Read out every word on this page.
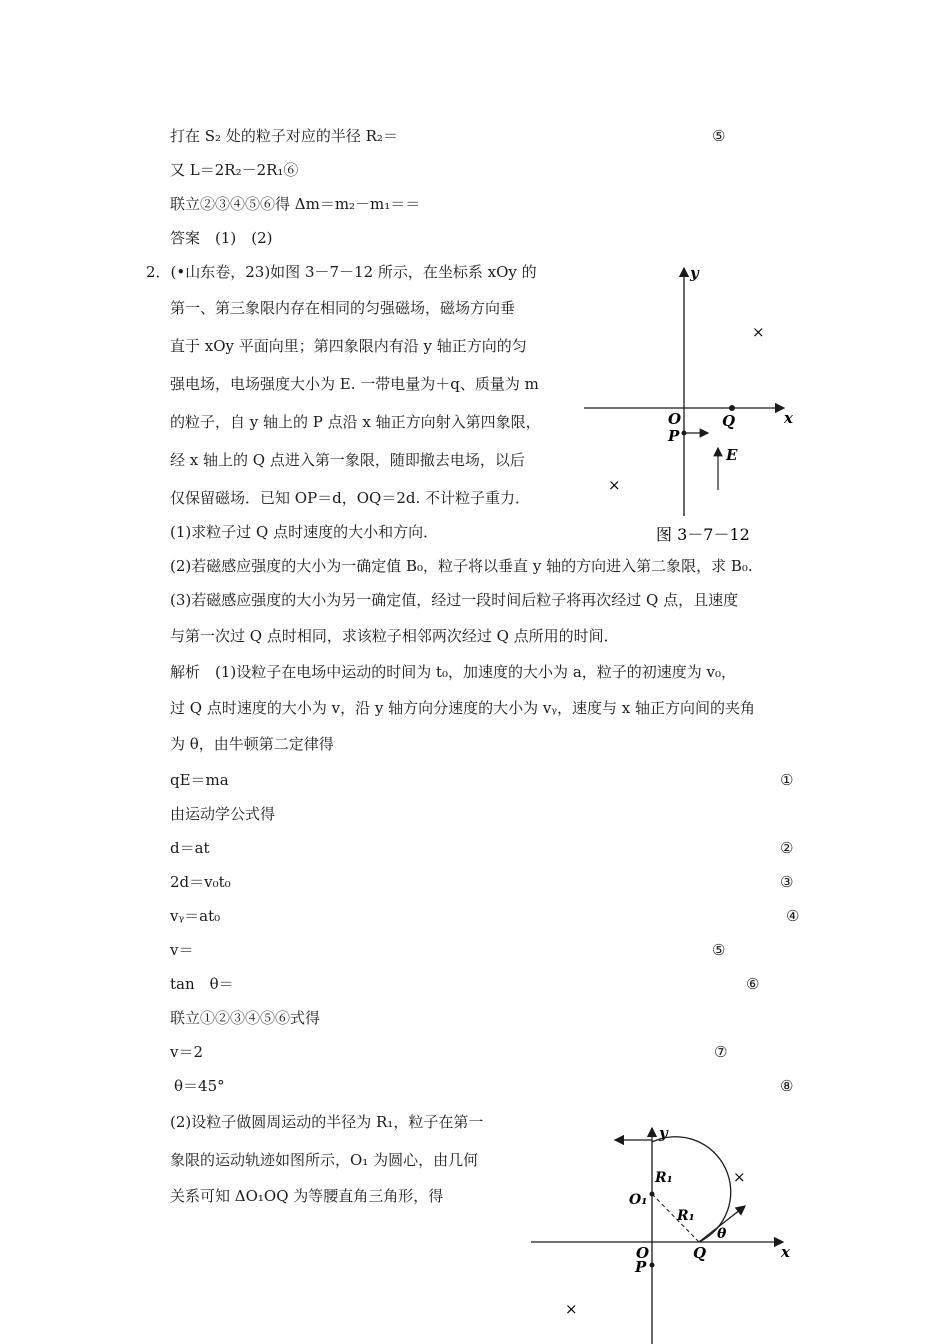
打在 S₂ 处的粒子对应的半径 R₂＝
又 L＝2R₂－2R₁⑥
联立②③④⑤⑥得 Δm＝m₂－m₁＝＝
答案　(1)　(2)
2．(•山东卷，23)如图 3－7－12 所示，在坐标系 xOy 的
第一、第三象限内存在相同的匀强磁场，磁场方向垂
直于 xOy 平面向里；第四象限内有沿 y 轴正方向的匀
强电场，电场强度大小为 E. 一带电量为＋q、质量为 m
的粒子，自 y 轴上的 P 点沿 x 轴正方向射入第四象限，
经 x 轴上的 Q 点进入第一象限，随即撤去电场，以后
仅保留磁场．已知 OP＝d，OQ＝2d. 不计粒子重力．
(1)求粒子过 Q 点时速度的大小和方向．
(2)若磁感应强度的大小为一确定值 B₀，粒子将以垂直 y 轴的方向进入第二象限，求 B₀.
(3)若磁感应强度的大小为另一确定值，经过一段时间后粒子将再次经过 Q 点，且速度
与第一次过 Q 点时相同，求该粒子相邻两次经过 Q 点所用的时间．
解析　(1)设粒子在电场中运动的时间为 t₀，加速度的大小为 a，粒子的初速度为 v₀，
过 Q 点时速度的大小为 v，沿 y 轴方向分速度的大小为 vᵧ，速度与 x 轴正方向间的夹角
为 θ，由牛顿第二定律得
qE＝ma
由运动学公式得
d＝at
2d＝v₀t₀
vᵧ＝at₀
v＝
tan　θ＝
联立①②③④⑤⑥式得
v＝2
θ＝45°
(2)设粒子做圆周运动的半径为 R₁，粒子在第一
象限的运动轨迹如图所示，O₁ 为圆心，由几何
关系可知 ΔO₁OQ 为等腰直角三角形，得
⑤
①
②
③
④
⑤
⑥
⑦
⑧
y
x
O	Q
P
E
×
×
图 3－7－12
y
x
O
O₁
R₁
R₁
θ
Q
P
×
×
